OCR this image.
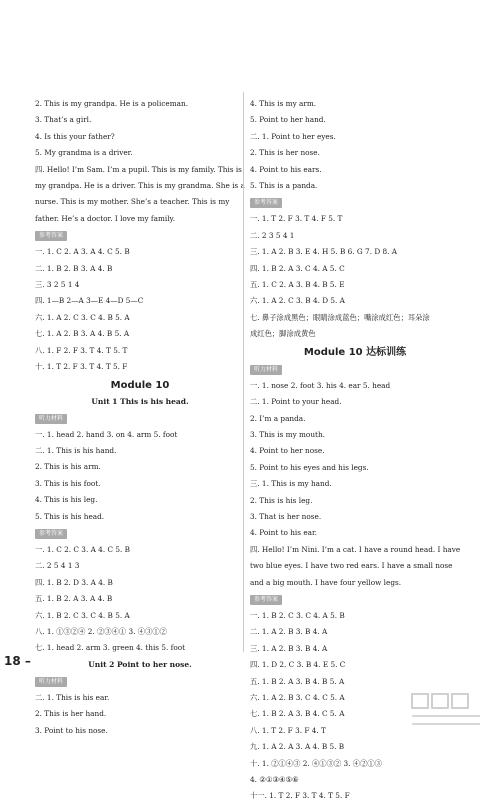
2. This is my grandpa. He is a policeman.
3. That’s a girl.
4. Is this your father?
5. My grandma is a driver.
四. Hello! I’m Sam. I’m a pupil. This is my family. This is
my grandpa. He is a driver. This is my grandma. She is a
nurse. This is my mother. She’s a teacher. This is my
father. He’s a doctor. I love my family.
参考答案
一. 1. C 2. A 3. A 4. C 5. B
二. 1. B 2. B 3. A 4. B
三. 3 2 5 1 4
四. 1—B 2—A 3—E 4—D 5—C
六. 1. A 2. C 3. C 4. B 5. A
七. 1. A 2. B 3. A 4. B 5. A
八. 1. F 2. F 3. T 4. T 5. T
十. 1. T 2. F 3. T 4. T 5. F
Module 10
Unit 1 This is his head.
听力材料
一. 1. head 2. hand 3. on 4. arm 5. foot
二. 1. This is his hand.
2. This is his arm.
3. This is his foot.
4. This is his leg.
5. This is his head.
参考答案
一. 1. C 2. C 3. A 4. C 5. B
二. 2 5 4 1 3
四. 1. B 2. D 3. A 4. B
五. 1. B 2. A 3. A 4. B
六. 1. B 2. C 3. C 4. B 5. A
八. 1. ①③②④ 2. ②③④① 3. ④③①②
七. 1. head 2. arm 3. green 4. this 5. foot
Unit 2 Point to her nose.
听力材料
二. 1. This is his ear.
2. This is her hand.
3. Point to his nose.
4. This is my arm.
5. Point to her hand.
二. 1. Point to her eyes.
2. This is her nose.
4. Point to his ears.
5. This is a panda.
参考答案
一. 1. T 2. F 3. T 4. F 5. T
二. 2 3 5 4 1
三. 1. A 2. B 3. E 4. H 5. B 6. G 7. D 8. A
四. 1. B 2. A 3. C 4. A 5. C
五. 1. C 2. A 3. B 4. B 5. E
六. 1. A 2. C 3. B 4. D 5. A
七. 鼻子涂成黑色；眼睛涂成蓝色；嘴涂成红色；耳朵涂
成红色；脚涂成黄色
Module 10 达标训练
听力材料
一. 1. nose 2. foot 3. his 4. ear 5. head
二. 1. Point to your head.
2. I’m a panda.
3. This is my mouth.
4. Point to her nose.
5. Point to his eyes and his legs.
三. 1. This is my hand.
2. This is his leg.
3. That is her nose.
4. Point to his ear.
四. Hello! I’m Nini. I’m a cat. I have a round head. I have
two blue eyes. I have two red ears. I have a small nose
and a big mouth. I have four yellow legs.
参考答案
一. 1. B 2. C 3. C 4. A 5. B
二. 1. A 2. B 3. B 4. A
三. 1. A 2. B 3. B 4. A
四. 1. D 2. C 3. B 4. E 5. C
五. 1. B 2. A 3. B 4. B 5. A
六. 1. A 2. B 3. C 4. C 5. A
七. 1. B 2. A 3. B 4. C 5. A
八. 1. T 2. F 3. F 4. T
九. 1. A 2. A 3. A 4. B 5. B
十. 1. ②①④③ 2. ④①③② 3. ④②①③
4. ②①③④⑤⑥
十一. 1. T 2. F 3. T 4. T 5. F
18 –
